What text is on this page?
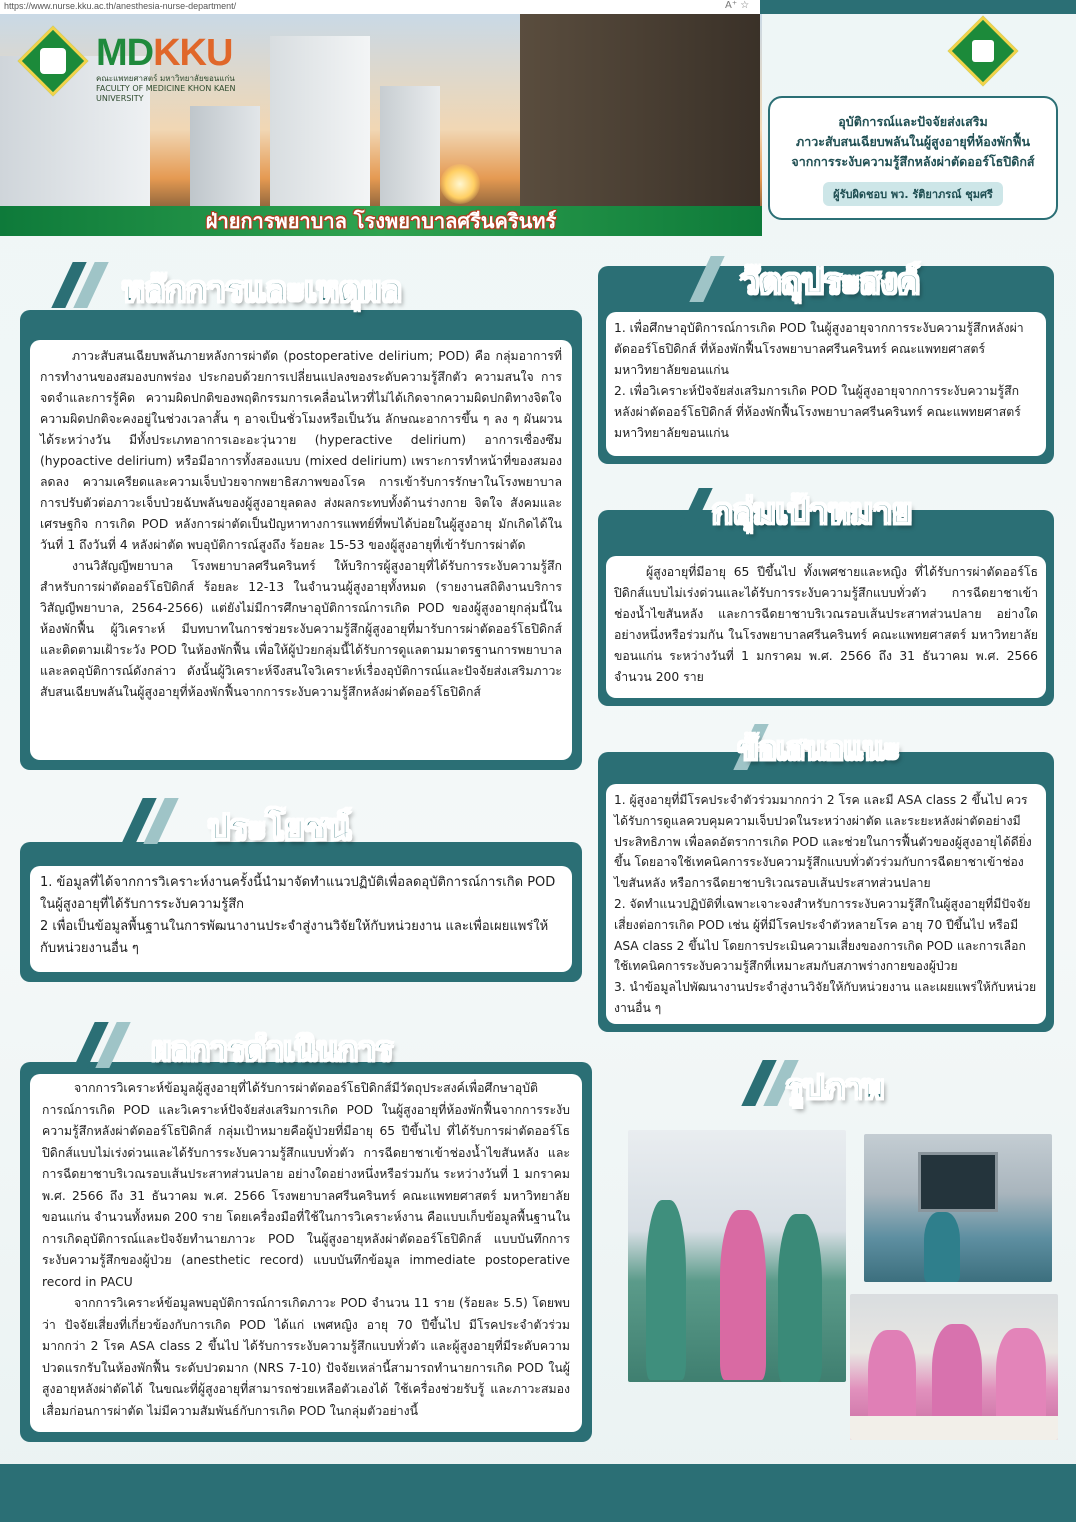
https://www.nurse.kku.ac.th/anesthesia-nurse-department/	A⁺ ☆
MDKKU
คณะแพทยศาสตร์ มหาวิทยาลัยขอนแก่น FACULTY OF MEDICINE KHON KAEN UNIVERSITY
ฝ่ายการพยาบาล โรงพยาบาลศรีนครินทร์
อุบัติการณ์และปัจจัยส่งเสริม
ภาวะสับสนเฉียบพลันในผู้สูงอายุที่ห้องพักฟื้น
จากการระงับความรู้สึกหลังผ่าตัดออร์โธปิดิกส์
ผู้รับผิดชอบ พว. รัติยาภรณ์ ชุมศรี
หลักการและเหตุผล

ภาวะสับสนเฉียบพลันภายหลังการผ่าตัด (postoperative delirium; POD) คือ กลุ่มอาการที่การทำงานของสมองบกพร่อง ประกอบด้วยการเปลี่ยนแปลงของระดับความรู้สึกตัว ความสนใจ การจดจำและการรู้คิด ความผิดปกติของพฤติกรรมการเคลื่อนไหวที่ไม่ได้เกิดจากความผิดปกติทางจิตใจ ความผิดปกติจะคงอยู่ในช่วงเวลาสั้น ๆ อาจเป็นชั่วโมงหรือเป็นวัน ลักษณะอาการขึ้น ๆ ลง ๆ ผันผวนได้ระหว่างวัน มีทั้งประเภทอาการเอะอะวุ่นวาย (hyperactive delirium) อาการเซื่องซึม (hypoactive delirium) หรือมีอาการทั้งสองแบบ (mixed delirium) เพราะการทำหน้าที่ของสมองลดลง ความเครียดและความเจ็บป่วยจากพยาธิสภาพของโรค การเข้ารับการรักษาในโรงพยาบาล การปรับตัวต่อภาวะเจ็บป่วยฉับพลันของผู้สูงอายุลดลง ส่งผลกระทบทั้งด้านร่างกาย จิตใจ สังคมและเศรษฐกิจ การเกิด POD หลังการผ่าตัดเป็นปัญหาทางการแพทย์ที่พบได้บ่อยในผู้สูงอายุ มักเกิดได้ในวันที่ 1 ถึงวันที่ 4 หลังผ่าตัด พบอุบัติการณ์สูงถึง ร้อยละ 15-53 ของผู้สูงอายุที่เข้ารับการผ่าตัด

งานวิสัญญีพยาบาล โรงพยาบาลศรีนครินทร์ ให้บริการผู้สูงอายุที่ได้รับการระงับความรู้สึกสำหรับการผ่าตัดออร์โธปิดิกส์ ร้อยละ 12-13 ในจำนวนผู้สูงอายุทั้งหมด (รายงานสถิติงานบริการวิสัญญีพยาบาล, 2564-2566) แต่ยังไม่มีการศึกษาอุบัติการณ์การเกิด POD ของผู้สูงอายุกลุ่มนี้ในห้องพักฟื้น ผู้วิเคราะห์ มีบทบาทในการช่วยระงับความรู้สึกผู้สูงอายุที่มารับการผ่าตัดออร์โธปิดิกส์ และติดตามเฝ้าระวัง POD ในห้องพักฟื้น เพื่อให้ผู้ป่วยกลุ่มนี้ได้รับการดูแลตามมาตรฐานการพยาบาลและลดอุบัติการณ์ดังกล่าว ดังนั้นผู้วิเคราะห์จึงสนใจวิเคราะห์เรื่องอุบัติการณ์และปัจจัยส่งเสริมภาวะสับสนเฉียบพลันในผู้สูงอายุที่ห้องพักฟื้นจากการระงับความรู้สึกหลังผ่าตัดออร์โธปิดิกส์

วัตถุประสงค์

1. เพื่อศึกษาอุบัติการณ์การเกิด POD ในผู้สูงอายุจากการระงับความรู้สึกหลังผ่าตัดออร์โธปิดิกส์ ที่ห้องพักฟื้นโรงพยาบาลศรีนครินทร์ คณะแพทยศาสตร์ มหาวิทยาลัยขอนแก่น

2. เพื่อวิเคราะห์ปัจจัยส่งเสริมการเกิด POD ในผู้สูงอายุจากการระงับความรู้สึกหลังผ่าตัดออร์โธปิดิกส์ ที่ห้องพักฟื้นโรงพยาบาลศรีนครินทร์ คณะแพทยศาสตร์ มหาวิทยาลัยขอนแก่น

กลุ่มเป้าหมาย

ผู้สูงอายุที่มีอายุ 65 ปีขึ้นไป ทั้งเพศชายและหญิง ที่ได้รับการผ่าตัดออร์โธปิดิกส์แบบไม่เร่งด่วนและได้รับการระงับความรู้สึกแบบทั่วตัว การฉีดยาชาเข้าช่องน้ำไขสันหลัง และการฉีดยาชาบริเวณรอบเส้นประสาทส่วนปลาย อย่างใดอย่างหนึ่งหรือร่วมกัน ในโรงพยาบาลศรีนครินทร์ คณะแพทยศาสตร์ มหาวิทยาลัยขอนแก่น ระหว่างวันที่ 1 มกราคม พ.ศ. 2566 ถึง 31 ธันวาคม พ.ศ. 2566 จำนวน 200 ราย

ข้อเสนอแนะ

1. ผู้สูงอายุที่มีโรคประจำตัวร่วมมากกว่า 2 โรค และมี ASA class 2 ขึ้นไป ควรได้รับการดูแลควบคุมความเจ็บปวดในระหว่างผ่าตัด และระยะหลังผ่าตัดอย่างมีประสิทธิภาพ เพื่อลดอัตราการเกิด POD และช่วยในการฟื้นตัวของผู้สูงอายุได้ดียิ่งขึ้น โดยอาจใช้เทคนิคการระงับความรู้สึกแบบทั่วตัวร่วมกับการฉีดยาชาเข้าช่องไขสันหลัง หรือการฉีดยาชาบริเวณรอบเส้นประสาทส่วนปลาย

2. จัดทำแนวปฏิบัติที่เฉพาะเจาะจงสำหรับการระงับความรู้สึกในผู้สูงอายุที่มีปัจจัยเสี่ยงต่อการเกิด POD เช่น ผู้ที่มีโรคประจำตัวหลายโรค อายุ 70 ปีขึ้นไป หรือมี ASA class 2 ขึ้นไป โดยการประเมินความเสี่ยงของการเกิด POD และการเลือกใช้เทคนิคการระงับความรู้สึกที่เหมาะสมกับสภาพร่างกายของผู้ป่วย

3. นำข้อมูลไปพัฒนางานประจำสู่งานวิจัยให้กับหน่วยงาน และเผยแพร่ให้กับหน่วยงานอื่น ๆ

ประโยชน์

1. ข้อมูลที่ได้จากการวิเคราะห์งานครั้งนี้นำมาจัดทำแนวปฏิบัติเพื่อลดอุบัติการณ์การเกิด POD ในผู้สูงอายุที่ได้รับการระงับความรู้สึก

2 เพื่อเป็นข้อมูลพื้นฐานในการพัฒนางานประจำสู่งานวิจัยให้กับหน่วยงาน และเพื่อเผยแพร่ให้กับหน่วยงานอื่น ๆ

ผลการดำเนินการ

จากการวิเคราะห์ข้อมูลผู้สูงอายุที่ได้รับการผ่าตัดออร์โธปิดิกส์มีวัตถุประสงค์เพื่อศึกษาอุบัติการณ์การเกิด POD และวิเคราะห์ปัจจัยส่งเสริมการเกิด POD ในผู้สูงอายุที่ห้องพักฟื้นจากการระงับความรู้สึกหลังผ่าตัดออร์โธปิดิกส์ กลุ่มเป้าหมายคือผู้ป่วยที่มีอายุ 65 ปีขึ้นไป ที่ได้รับการผ่าตัดออร์โธปิดิกส์แบบไม่เร่งด่วนและได้รับการระงับความรู้สึกแบบทั่วตัว การฉีดยาชาเข้าช่องน้ำไขสันหลัง และการฉีดยาชาบริเวณรอบเส้นประสาทส่วนปลาย อย่างใดอย่างหนึ่งหรือร่วมกัน ระหว่างวันที่ 1 มกราคม พ.ศ. 2566 ถึง 31 ธันวาคม พ.ศ. 2566 โรงพยาบาลศรีนครินทร์ คณะแพทยศาสตร์ มหาวิทยาลัยขอนแก่น จำนวนทั้งหมด 200 ราย โดยเครื่องมือที่ใช้ในการวิเคราะห์งาน คือแบบเก็บข้อมูลพื้นฐานในการเกิดอุบัติการณ์และปัจจัยทำนายภาวะ POD ในผู้สูงอายุหลังผ่าตัดออร์โธปิดิกส์ แบบบันทึกการระงับความรู้สึกของผู้ป่วย (anesthetic record) แบบบันทึกข้อมูล immediate postoperative record in PACU

จากการวิเคราะห์ข้อมูลพบอุบัติการณ์การเกิดภาวะ POD จำนวน 11 ราย (ร้อยละ 5.5) โดยพบว่า ปัจจัยเสี่ยงที่เกี่ยวข้องกับการเกิด POD ได้แก่ เพศหญิง อายุ 70 ปีขึ้นไป มีโรคประจำตัวร่วมมากกว่า 2 โรค ASA class 2 ขึ้นไป ได้รับการระงับความรู้สึกแบบทั่วตัว และผู้สูงอายุที่มีระดับความปวดแรกรับในห้องพักฟื้น ระดับปวดมาก (NRS 7-10) ปัจจัยเหล่านี้สามารถทำนายการเกิด POD ในผู้สูงอายุหลังผ่าตัดได้ ในขณะที่ผู้สูงอายุที่สามารถช่วยเหลือตัวเองได้ ใช้เครื่องช่วยรับรู้ และภาวะสมองเสื่อมก่อนการผ่าตัด ไม่มีความสัมพันธ์กับการเกิด POD ในกลุ่มตัวอย่างนี้

รูปภาพ
